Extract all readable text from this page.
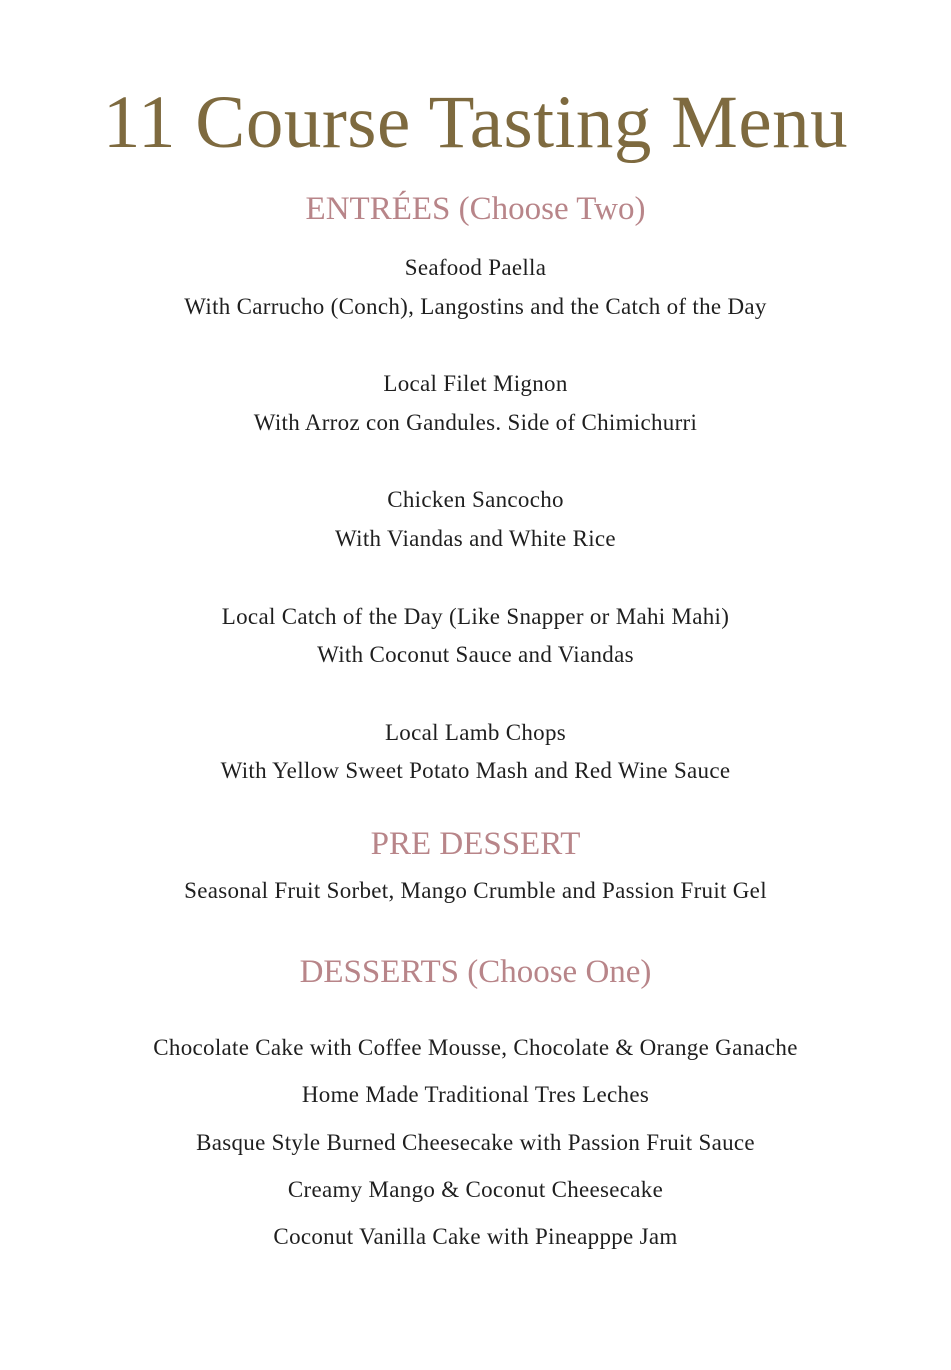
11 Course Tasting Menu
ENTRÉES (Choose Two)
Seafood Paella
With Carrucho (Conch), Langostins and the Catch of the Day
Local Filet Mignon
With Arroz con Gandules. Side of Chimichurri
Chicken Sancocho
With Viandas and White Rice
Local Catch of the Day (Like Snapper or Mahi Mahi)
With Coconut Sauce and Viandas
Local Lamb Chops
With Yellow Sweet Potato Mash and Red Wine Sauce
PRE DESSERT
Seasonal Fruit Sorbet, Mango Crumble and Passion Fruit Gel
DESSERTS (Choose One)
Chocolate Cake with Coffee Mousse, Chocolate & Orange Ganache
Home Made Traditional Tres Leches
Basque Style Burned Cheesecake with Passion Fruit Sauce
Creamy Mango & Coconut Cheesecake
Coconut Vanilla Cake with Pineapppe Jam
